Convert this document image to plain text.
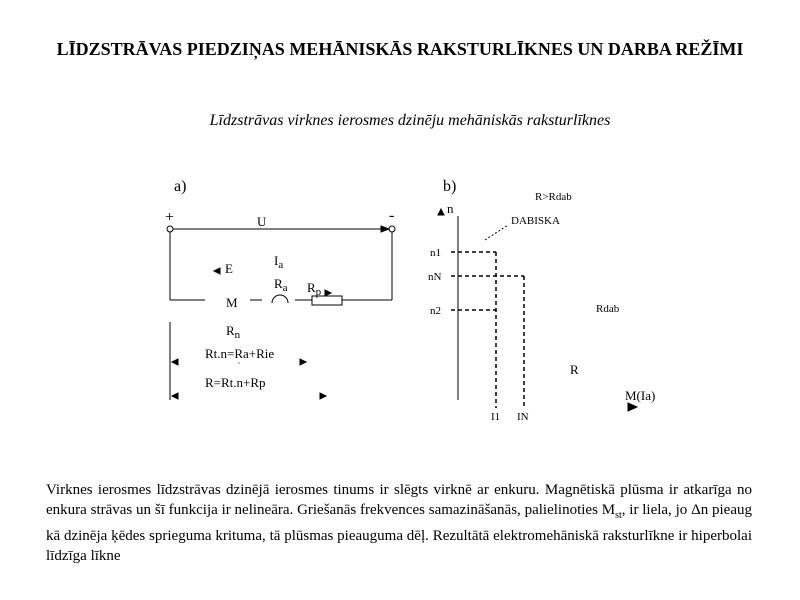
LĪDZSTRĀVAS PIEDZIŅAS MEHĀNISKĀS RAKSTURLĪKNES UN DARBA REŽĪMI
Līdzstrāvas virknes ierosmes dzinēju mehāniskās raksturlīknes
a)
+	-
U
E
$I_a$
$R_a$ $R_p$
M
$R_n$
Rt.n=Ra+Rie
R=Rt.n+Rp
b)
n
R>Rdab
DABISKA
n1
nN
n2	Rdab
R
M(Ia)
I1 IN
Virknes ierosmes līdzstrāvas dzinējā ierosmes tinums ir slēgts virknē ar enkuru. Magnētiskā plūsma ir atkarīga no enkura strāvas un šī funkcija ir nelineāra. Griešanās frekvences samazināšanās, palielinoties $M_{st}$, ir liela, jo Δn pieaug kā dzinēja ķēdes sprieguma krituma, tā plūsmas pieauguma dēļ. Rezultātā elektromehāniskā raksturlīkne ir hiperbolai līdzīga līkne
